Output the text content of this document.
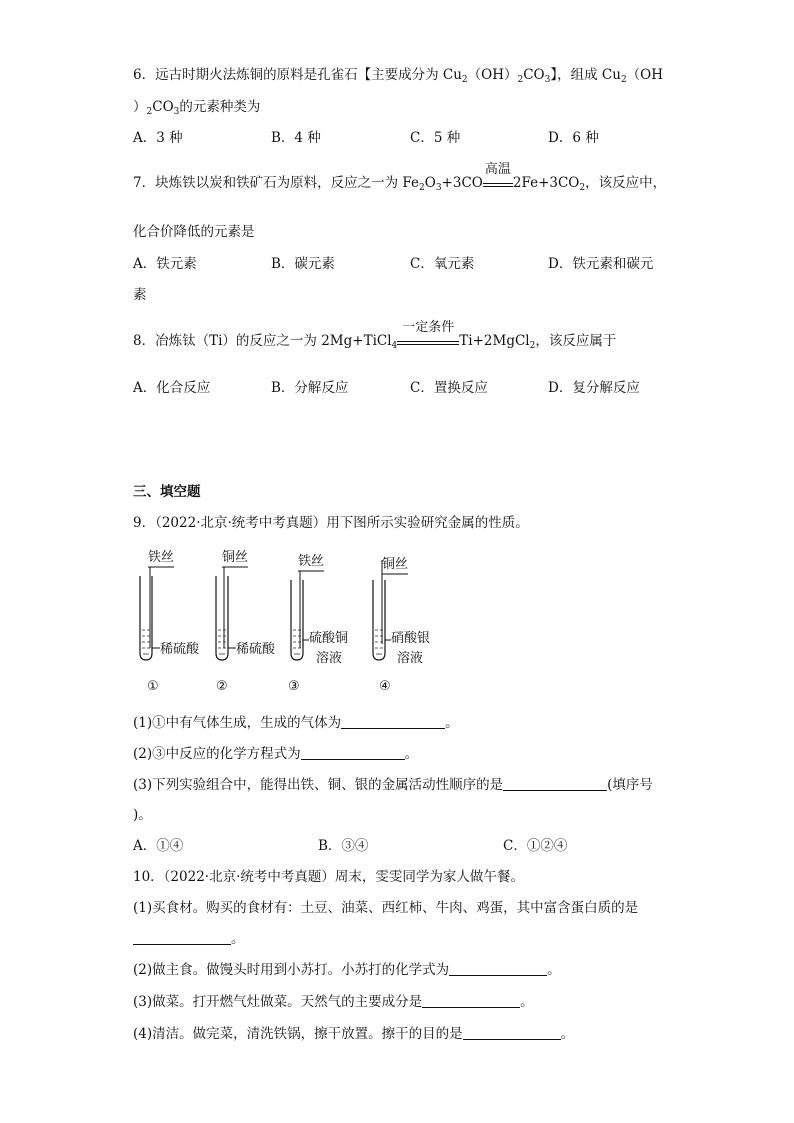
6．远古时期火法炼铜的原料是孔雀石【主要成分为 $Cu_2(OH)_2CO_3$】，组成 $Cu_2(OH$
）$_2CO_3$的元素种类为
A．3 种	B．4 种	C．5 种	D．6 种
7．块炼铁以炭和铁矿石为原料，反应之一为 $Fe_2O_3+3CO$
高温
$2Fe+3CO_2$，该反应中，
化合价降低的元素是
A．铁元素	B．碳元素	C．氧元素	D．铁元素和碳元
素
8．冶炼钛（Ti）的反应之一为 2Mg+TiCl$_4$
一定条件
Ti+2MgCl$_2$，该反应属于
A．化合反应	B．分解反应	C．置换反应	D．复分解反应
三、填空题
9．（2022·北京·统考中考真题）用下图所示实验研究金属的性质。
铁丝
稀硫酸
①
铜丝
稀硫酸
②
铁丝
硫酸铜
溶液
③
铜丝
硝酸银
溶液
④
(1)①中有气体生成，生成的气体为	。
(2)③中反应的化学方程式为	。
(3)下列实验组合中，能得出铁、铜、银的金属活动性顺序的是	(填序号
)。
A．①④	B．③④	C．①②④
10．（2022·北京·统考中考真题）周末，雯雯同学为家人做午餐。
(1)买食材。购买的食材有：土豆、油菜、西红柿、牛肉、鸡蛋，其中富含蛋白质的是
。
(2)做主食。做馒头时用到小苏打。小苏打的化学式为	。
(3)做菜。打开燃气灶做菜。天然气的主要成分是	。
(4)清洁。做完菜，清洗铁锅，擦干放置。擦干的目的是	。
